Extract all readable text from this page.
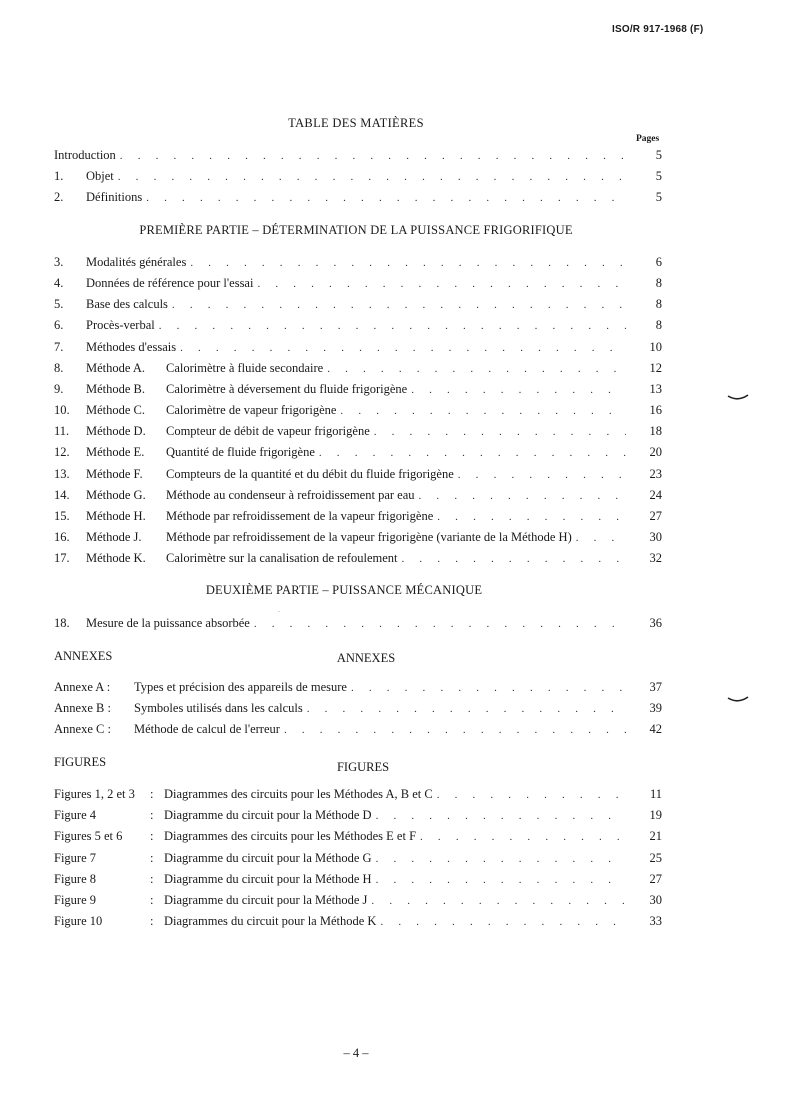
ISO/R 917-1968 (F)
TABLE DES MATIÈRES
Pages
Introduction . . .	5
1.	Objet . . .	5
2.	Définitions . . .	5
PREMIÈRE PARTIE – DÉTERMINATION DE LA PUISSANCE FRIGORIFIQUE
3.	Modalités générales . . .	6
4.	Données de référence pour l'essai . . .	8
5.	Base des calculs . . .	8
6.	Procès-verbal . . .	8
7.	Méthodes d'essais . . .	10
8.	Méthode A.	Calorimètre à fluide secondaire . . .	12
9.	Méthode B.	Calorimètre à déversement du fluide frigorigène . . .	13
10.	Méthode C.	Calorimètre de vapeur frigorigène . . .	16
11.	Méthode D.	Compteur de débit de vapeur frigorigène . . .	18
12.	Méthode E.	Quantité de fluide frigorigène . . .	20
13.	Méthode F.	Compteurs de la quantité et du débit du fluide frigorigène . . .	23
14.	Méthode G.	Méthode au condenseur à refroidissement par eau . . .	24
15.	Méthode H.	Méthode par refroidissement de la vapeur frigorigène . . .	27
16.	Méthode J.	Méthode par refroidissement de la vapeur frigorigène (variante de la Méthode H) . . .	30
17.	Méthode K.	Calorimètre sur la canalisation de refoulement . . .	32
DEUXIÈME PARTIE – PUISSANCE MÉCANIQUE
.
18.	Mesure de la puissance absorbée . . .	36
ANNEXES	ANNEXES
Annexe A :	Types et précision des appareils de mesure . . .	37
Annexe B :	Symboles utilisés dans les calculs . . .	39
Annexe C :	Méthode de calcul de l'erreur . . .	42
FIGURES	FIGURES
Figures 1, 2 et 3	: Diagrammes des circuits pour les Méthodes A, B et C . . .	11
Figure 4	: Diagramme du circuit pour la Méthode D . . .	19
Figures 5 et 6	: Diagrammes des circuits pour les Méthodes E et F . . .	21
Figure 7	: Diagramme du circuit pour la Méthode G . . .	25
Figure 8	: Diagramme du circuit pour la Méthode H . . .	27
Figure 9	: Diagramme du circuit pour la Méthode J . . .	30
Figure 10	: Diagrammes du circuit pour la Méthode K . . .	33
– 4 –
